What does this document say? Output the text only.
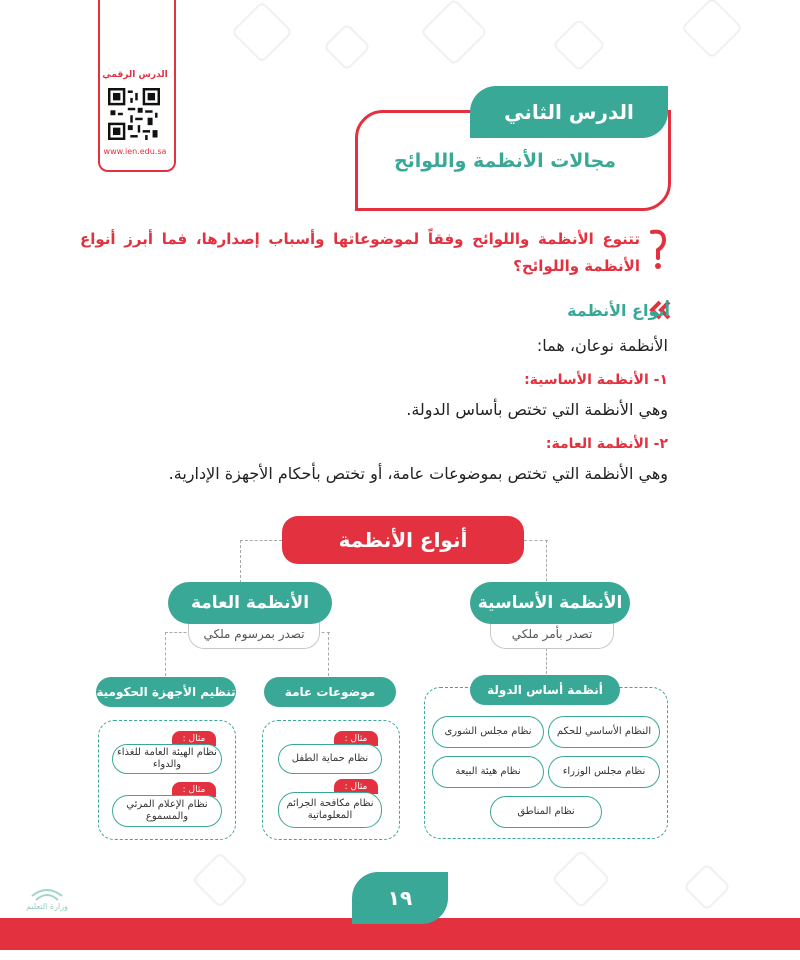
الدرس الرقمي
www.ien.edu.sa
الدرس الثاني
مجالات الأنظمة واللوائح
تتنوع الأنظمة واللوائح وفقاً لموضوعاتها وأسباب إصدارها، فما أبرز أنواع الأنظمة واللوائح؟
أنواع الأنظمة
الأنظمة نوعان، هما:
١- الأنظمة الأساسية:
وهي الأنظمة التي تختص بأساس الدولة.
٢- الأنظمة العامة:
وهي الأنظمة التي تختص بموضوعات عامة، أو تختص بأحكام الأجهزة الإدارية.
أنواع الأنظمة
تصدر بأمر ملكي
الأنظمة الأساسية
تصدر بمرسوم ملكي
الأنظمة العامة
أنظمة أساس الدولة
النظام الأساسي للحكم
نظام مجلس الشورى
نظام مجلس الوزراء
نظام هيئة البيعة
نظام المناطق
موضوعات عامة
مثال :
نظام حماية الطفل
مثال :
نظام مكافحة الجرائم المعلوماتية
تنظيم الأجهزة الحكومية
مثال :
نظام الهيئة العامة للغذاء والدواء
مثال :
نظام الإعلام المرئي والمسموع
١٩
وزارة التعليم
